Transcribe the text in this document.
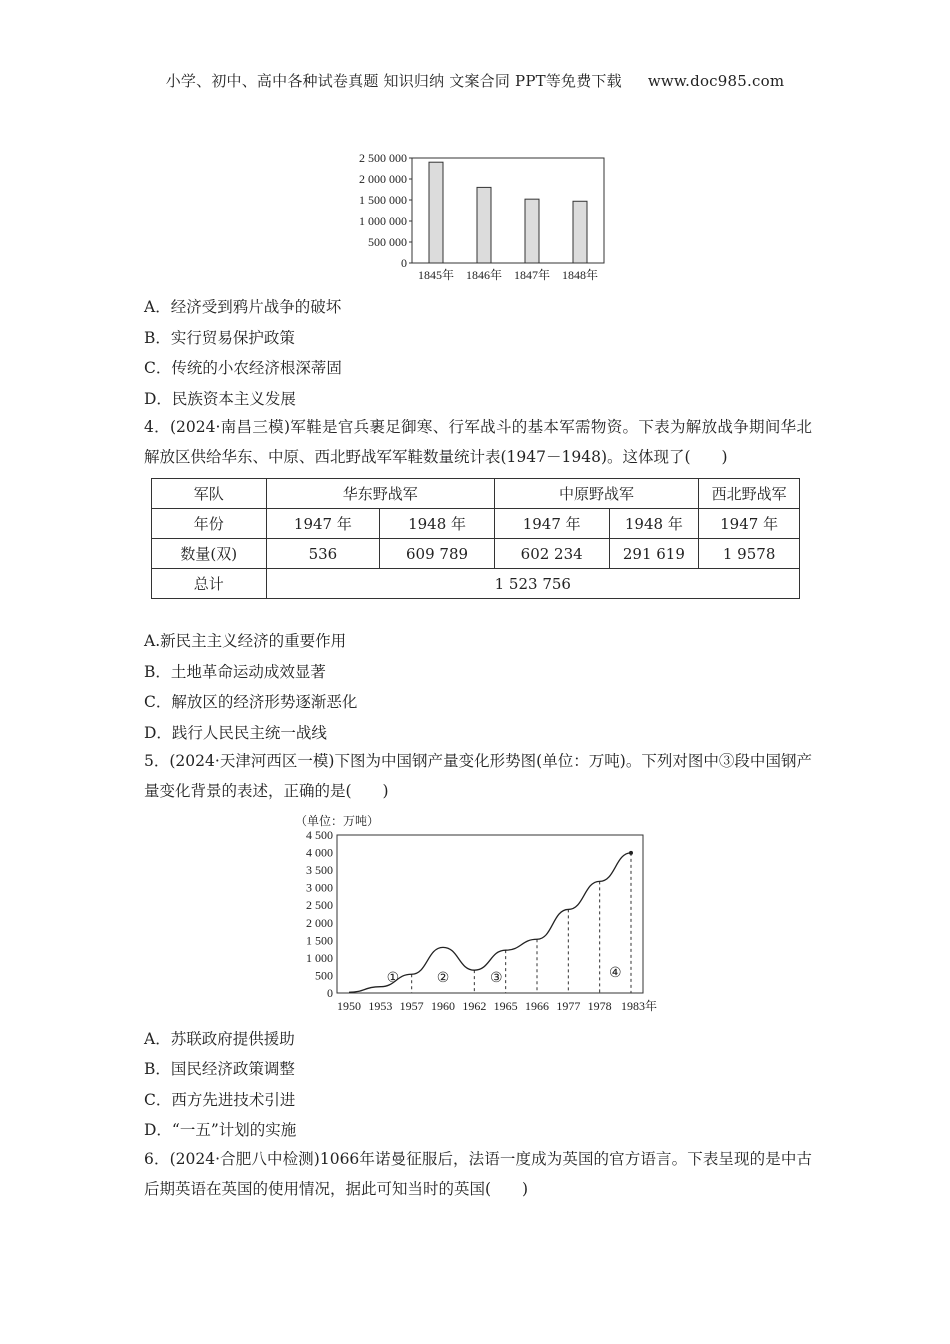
小学、初中、高中各种试卷真题 知识归纳 文案合同 PPT等免费下载 www.doc985.com
0
500 000
1 000 000
1 500 000
2 000 000
2 500 000
1845年 1846年 1847年 1848年
A．经济受到鸦片战争的破坏
B．实行贸易保护政策
C．传统的小农经济根深蒂固
D．民族资本主义发展
4．(2024·南昌三模)军鞋是官兵裹足御寒、行军战斗的基本军需物资。下表为解放战争期间华北解放区供给华东、中原、西北野战军军鞋数量统计表(1947－1948)。这体现了(　　)
军队	华东野战军		中原野战军		西北野战军
年份	1947 年	1948 年	1947 年	1948 年	1947 年
数量(双)	536	609 789	602 234	291 619	1 9578
总计	1 523 756				
A.新民主主义经济的重要作用
B．土地革命运动成效显著
C．解放区的经济形势逐渐恶化
D．践行人民民主统一战线
5．(2024·天津河西区一模)下图为中国钢产量变化形势图(单位：万吨)。下列对图中③段中国钢产量变化背景的表述，正确的是(　　)
（单位：万吨）
0
500
1 000
1 500
2 000
2 500
3 000
3 500
4 000
4 500
1950 1953 1957 1960 1962 1965 1966 1977 1978 1983年
①	②	③	④
A．苏联政府提供援助
B．国民经济政策调整
C．西方先进技术引进
D．“一五”计划的实施
6．(2024·合肥八中检测)1066年诺曼征服后，法语一度成为英国的官方语言。下表呈现的是中古后期英语在英国的使用情况，据此可知当时的英国(　　)
